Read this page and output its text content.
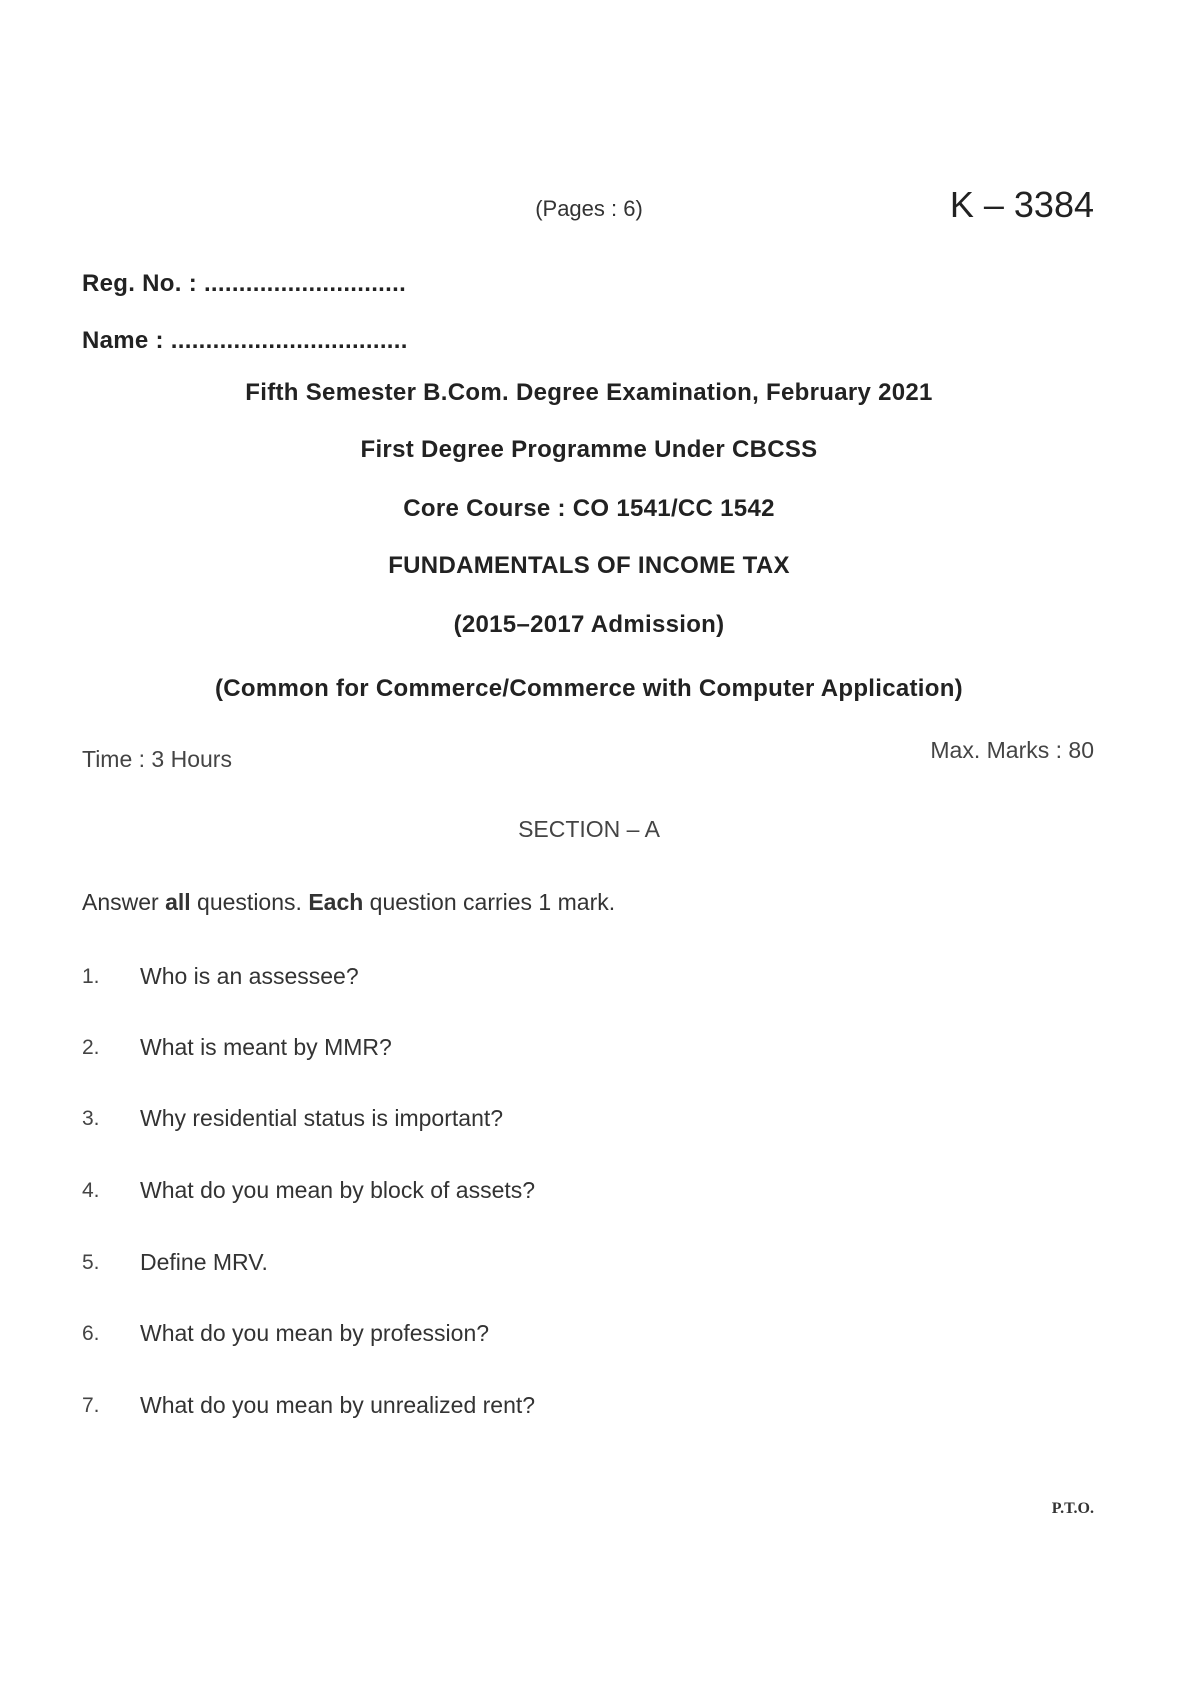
(Pages : 6)	K – 3384
Reg. No. : .............................
Name : ..................................
Fifth Semester B.Com. Degree Examination, February 2021
First Degree Programme Under CBCSS
Core Course : CO 1541/CC 1542
FUNDAMENTALS OF INCOME TAX
(2015–2017 Admission)
(Common for Commerce/Commerce with Computer Application)
Time : 3 Hours	Max. Marks : 80
SECTION – A
Answer all questions. Each question carries 1 mark.
1. Who is an assessee?
2. What is meant by MMR?
3. Why residential status is important?
4. What do you mean by block of assets?
5. Define MRV.
6. What do you mean by profession?
7. What do you mean by unrealized rent?
P.T.O.
